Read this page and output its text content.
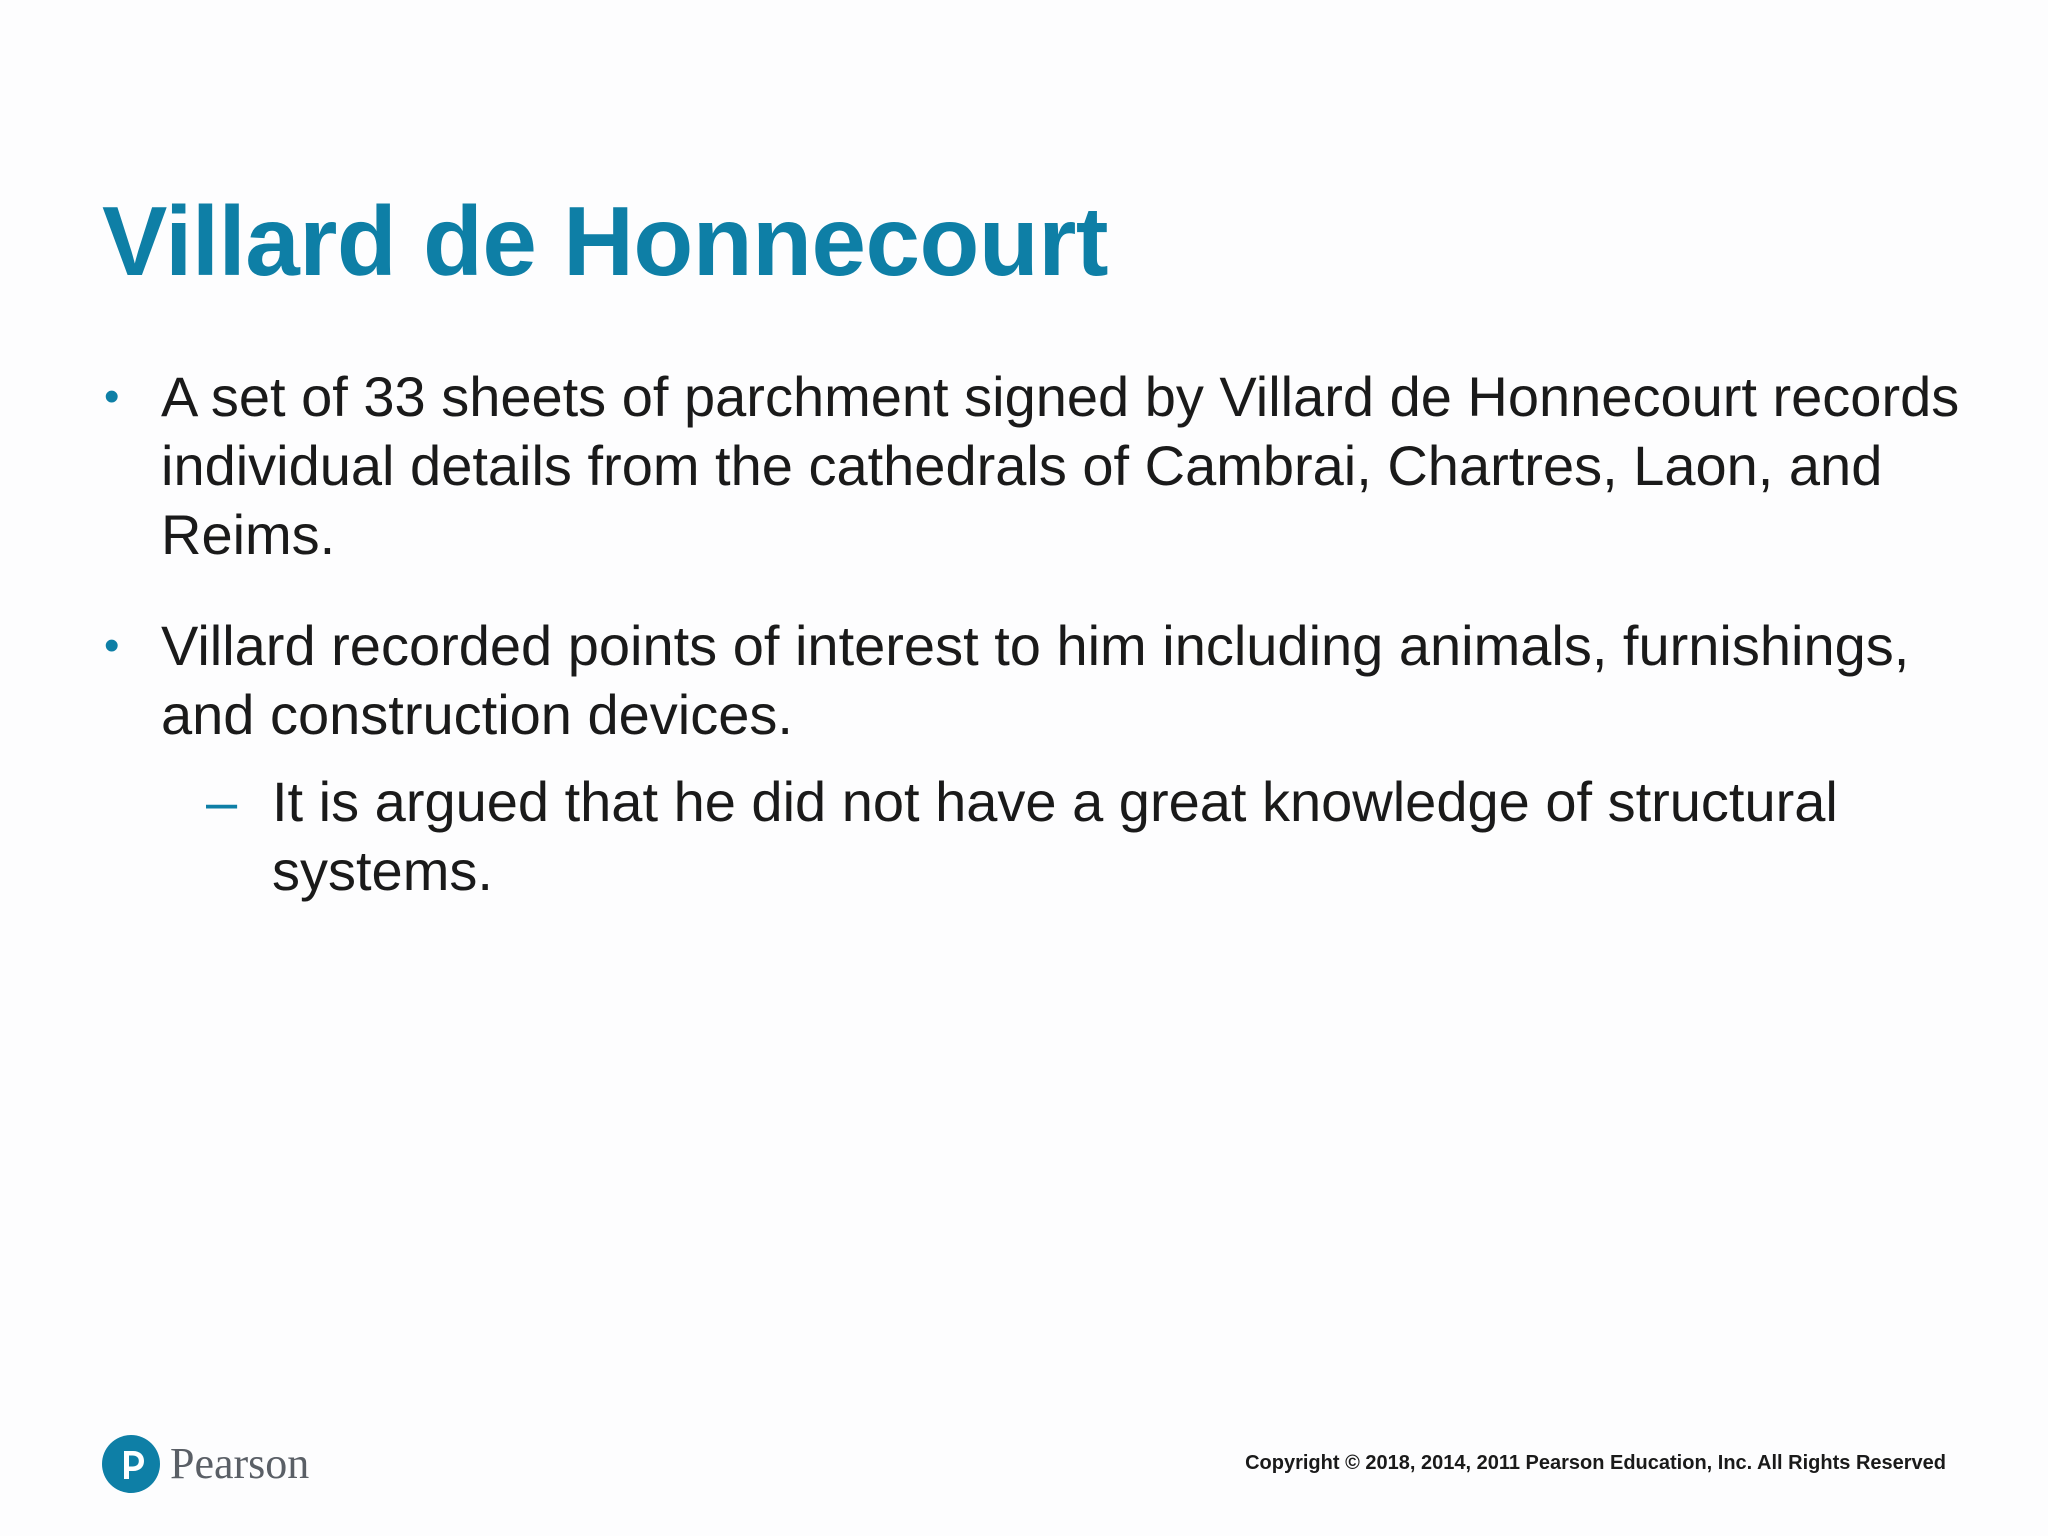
Villard de Honnecourt
• A set of 33 sheets of parchment signed by Villard de Honnecourt records individual details from the cathedrals of Cambrai, Chartres, Laon, and Reims.
• Villard recorded points of interest to him including animals, furnishings, and construction devices.
– It is argued that he did not have a great knowledge of structural systems.
Pearson	Copyright © 2018, 2014, 2011 Pearson Education, Inc. All Rights Reserved
